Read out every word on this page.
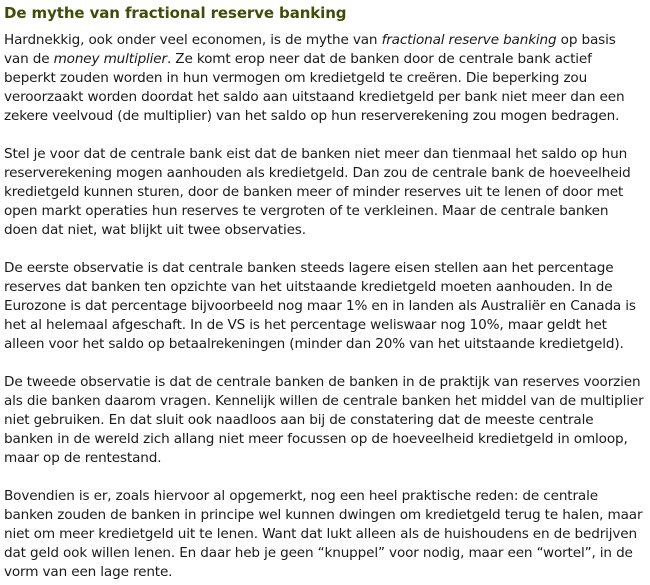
De mythe van fractional reserve banking

Hardnekkig, ook onder veel economen, is de mythe van fractional reserve banking op basis van de money multiplier. Ze komt erop neer dat de banken door de centrale bank actief beperkt zouden worden in hun vermogen om kredietgeld te creëren. Die beperking zou veroorzaakt worden doordat het saldo aan uitstaand kredietgeld per bank niet meer dan een zekere veelvoud (de multiplier) van het saldo op hun reserverekening zou mogen bedragen.

Stel je voor dat de centrale bank eist dat de banken niet meer dan tienmaal het saldo op hun reserverekening mogen aanhouden als kredietgeld. Dan zou de centrale bank de hoeveelheid kredietgeld kunnen sturen, door de banken meer of minder reserves uit te lenen of door met open markt operaties hun reserves te vergroten of te verkleinen. Maar de centrale banken doen dat niet, wat blijkt uit twee observaties.

De eerste observatie is dat centrale banken steeds lagere eisen stellen aan het percentage reserves dat banken ten opzichte van het uitstaande kredietgeld moeten aanhouden. In de Eurozone is dat percentage bijvoorbeeld nog maar 1% en in landen als Australiër en Canada is het al helemaal afgeschaft. In de VS is het percentage weliswaar nog 10%, maar geldt het alleen voor het saldo op betaalrekeningen (minder dan 20% van het uitstaande kredietgeld).

De tweede observatie is dat de centrale banken de banken in de praktijk van reserves voorzien als die banken daarom vragen. Kennelijk willen de centrale banken het middel van de multiplier niet gebruiken. En dat sluit ook naadloos aan bij de constatering dat de meeste centrale banken in de wereld zich allang niet meer focussen op de hoeveelheid kredietgeld in omloop, maar op de rentestand.

Bovendien is er, zoals hiervoor al opgemerkt, nog een heel praktische reden: de centrale banken zouden de banken in principe wel kunnen dwingen om kredietgeld terug te halen, maar niet om meer kredietgeld uit te lenen. Want dat lukt alleen als de huishoudens en de bedrijven dat geld ook willen lenen. En daar heb je geen “knuppel” voor nodig, maar een “wortel”, in de vorm van een lage rente.
